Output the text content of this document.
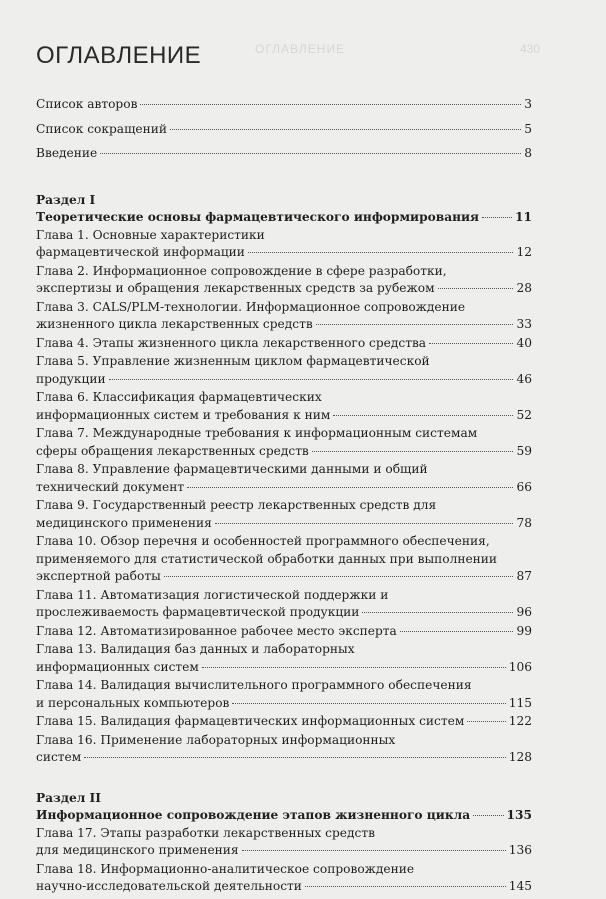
ОГЛАВЛЕНИЕ	430
ОГЛАВЛЕНИЕ
Список авторов	3
Список сокращений	5
Введение	8
Раздел I
Теоретические основы фармацевтического информирования	11
Глава 1. Основные характеристики
фармацевтической информации	12
Глава 2. Информационное сопровождение в сфере разработки,
экспертизы и обращения лекарственных средств за рубежом	28
Глава 3. CALS/PLM-технологии. Информационное сопровождение
жизненного цикла лекарственных средств	33
Глава 4. Этапы жизненного цикла лекарственного средства	40
Глава 5. Управление жизненным циклом фармацевтической
продукции	46
Глава 6. Классификация фармацевтических
информационных систем и требования к ним	52
Глава 7. Международные требования к информационным системам
сферы обращения лекарственных средств	59
Глава 8. Управление фармацевтическими данными и общий
технический документ	66
Глава 9. Государственный реестр лекарственных средств для
медицинского применения	78
Глава 10. Обзор перечня и особенностей программного обеспечения,
применяемого для статистической обработки данных при выполнении
экспертной работы	87
Глава 11. Автоматизация логистической поддержки и
прослеживаемость фармацевтической продукции	96
Глава 12. Автоматизированное рабочее место эксперта	99
Глава 13. Валидация баз данных и лабораторных
информационных систем	106
Глава 14. Валидация вычислительного программного обеспечения
и персональных компьютеров	115
Глава 15. Валидация фармацевтических информационных систем	122
Глава 16. Применение лабораторных информационных
систем	128
Раздел II
Информационное сопровождение этапов жизненного цикла	135
Глава 17. Этапы разработки лекарственных средств
для медицинского применения	136
Глава 18. Информационно-аналитическое сопровождение
научно-исследовательской деятельности	145
